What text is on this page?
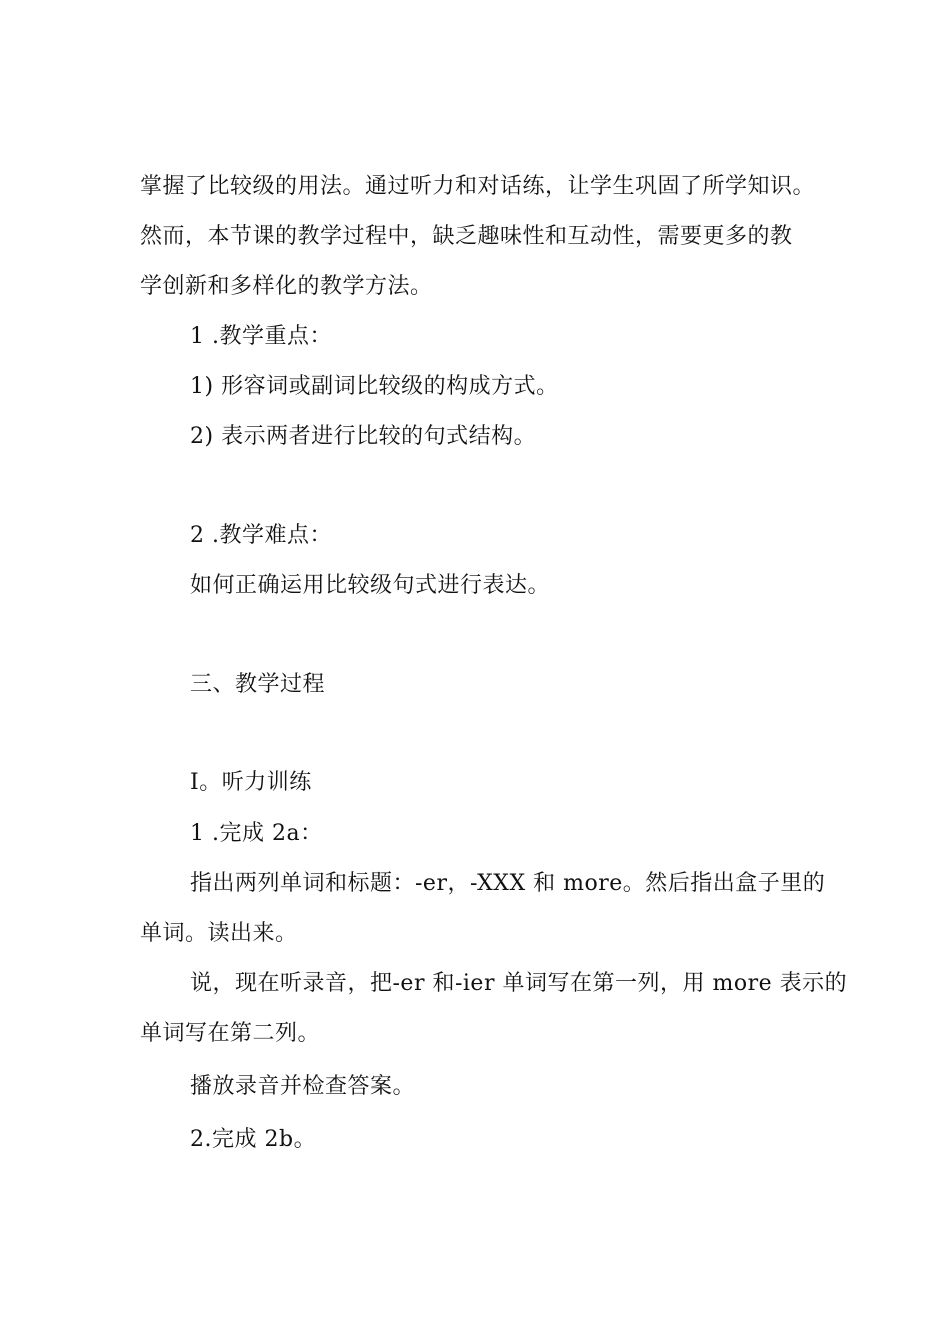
掌握了比较级的用法。通过听力和对话练，让学生巩固了所学知识。
然而，本节课的教学过程中，缺乏趣味性和互动性，需要更多的教
学创新和多样化的教学方法。
1 .教学重点：
1) 形容词或副词比较级的构成方式。
2) 表示两者进行比较的句式结构。
2 .教学难点：
如何正确运用比较级句式进行表达。
三、教学过程
I。听力训练
1 .完成 2a：
指出两列单词和标题：-er，-XXX 和 more。然后指出盒子里的
单词。读出来。
说，现在听录音，把-er 和-ier 单词写在第一列，用 more 表示的
单词写在第二列。
播放录音并检查答案。
2.完成 2b。
